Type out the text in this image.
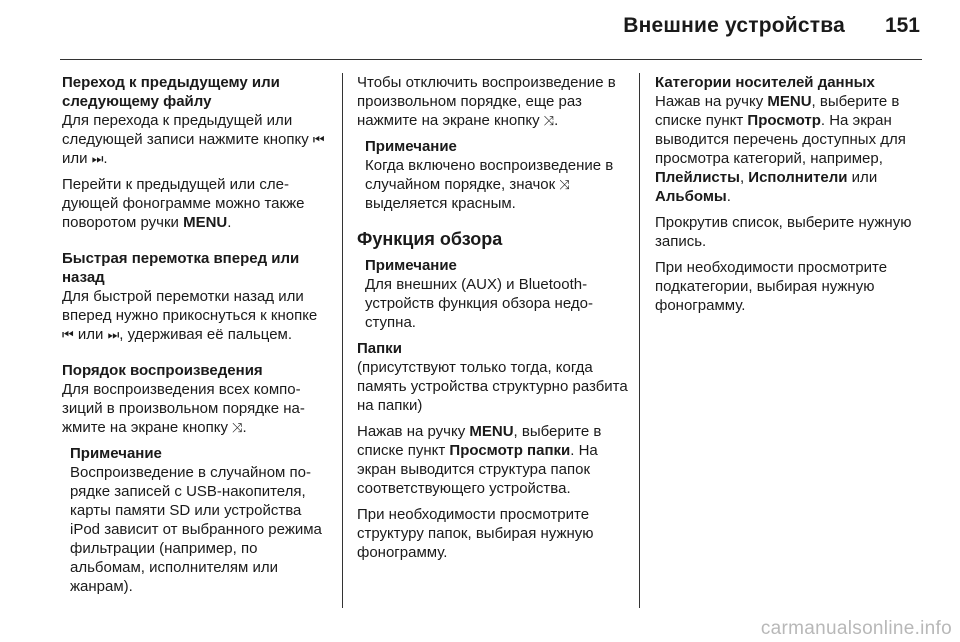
Внешние устройства 151
Переход к предыдущему или следующему файлу

Для перехода к предыдущей или следующей записи нажмите кнопку ⏮ или ⏭.

Перейти к предыдущей или следующей фонограмме можно также поворотом ручки MENU.

Быстрая перемотка вперед или назад

Для быстрой перемотки назад или вперед нужно прикоснуться к кнопке ⏮ или ⏭, удерживая её пальцем.

Порядок воспроизведения

Для воспроизведения всех композиций в произвольном порядке нажмите на экране кнопку ⤨.

Примечание

Воспроизведение в случайном порядке записей с USB-накопителя, карты памяти SD или устройства iPod зависит от выбранного режима фильтрации (например, по альбомам, исполнителям или жанрам).

Чтобы отключить воспроизведение в произвольном порядке, еще раз нажмите на экране кнопку ⤨.

Примечание

Когда включено воспроизведение в случайном порядке, значок ⤨ выделяется красным.

Функция обзора
Примечание

Для внешних (AUX) и Bluetooth-устройств функция обзора недоступна.

Папки

(присутствуют только тогда, когда память устройства структурно разбита на папки)

Нажав на ручку MENU, выберите в списке пункт Просмотр папки. На экран выводится структура папок соответствующего устройства.

При необходимости просмотрите структуру папок, выбирая нужную фонограмму.

Категории носителей данных

Нажав на ручку MENU, выберите в списке пункт Просмотр. На экран выводится перечень доступных для просмотра категорий, например, Плейлисты, Исполнители или Альбомы.

Прокрутив список, выберите нужную запись.

При необходимости просмотрите подкатегории, выбирая нужную фонограмму.

carmanualsonline.info
